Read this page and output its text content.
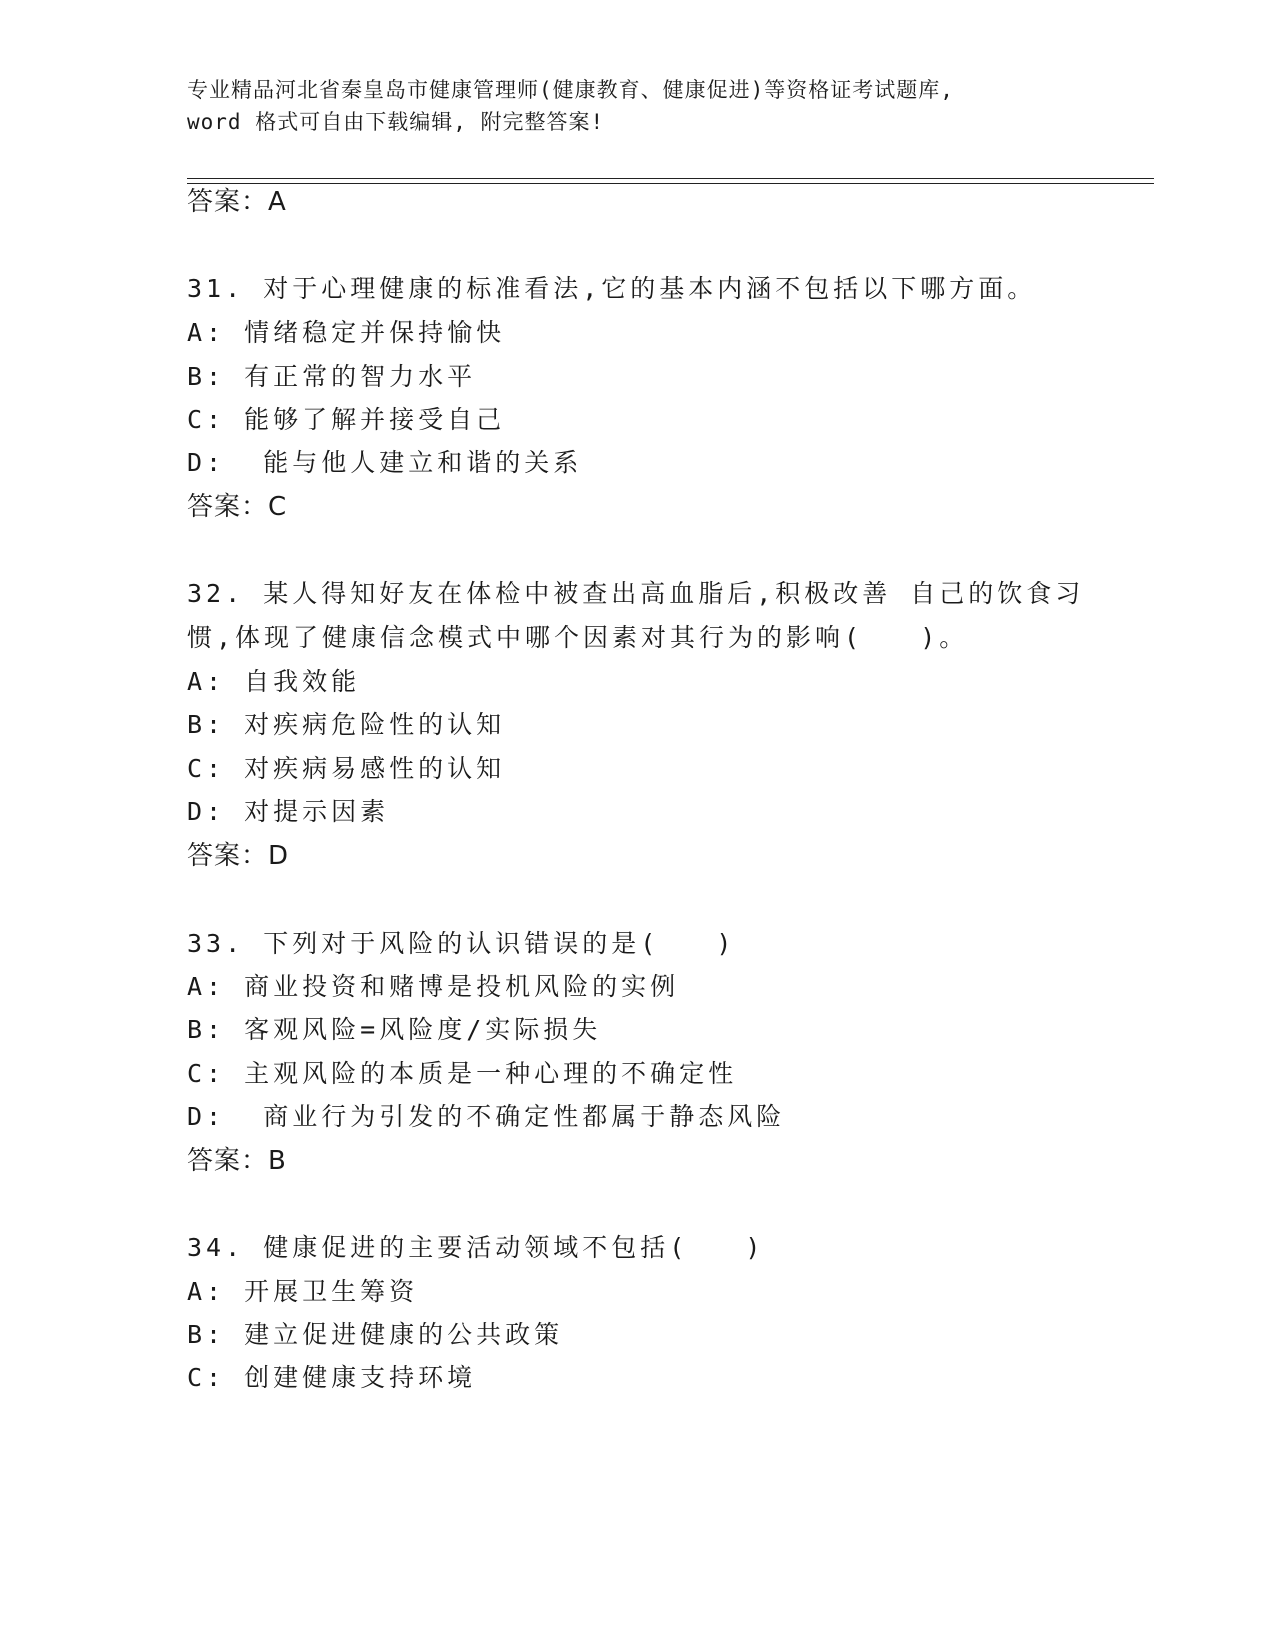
专业精品河北省秦皇岛市健康管理师(健康教育、健康促进)等资格证考试题库,
word 格式可自由下载编辑, 附完整答案!
答案：A
31. 对于心理健康的标准看法,它的基本内涵不包括以下哪方面。
A: 情绪稳定并保持愉快
B: 有正常的智力水平
C: 能够了解并接受自己
D:  能与他人建立和谐的关系
答案：C
32. 某人得知好友在体检中被查出高血脂后,积极改善 自己的饮食习
惯,体现了健康信念模式中哪个因素对其行为的影响(   )。
A: 自我效能
B: 对疾病危险性的认知
C: 对疾病易感性的认知
D: 对提示因素
答案：D
33. 下列对于风险的认识错误的是(   )
A: 商业投资和赌博是投机风险的实例
B: 客观风险=风险度/实际损失
C: 主观风险的本质是一种心理的不确定性
D:  商业行为引发的不确定性都属于静态风险
答案：B
34. 健康促进的主要活动领域不包括(   )
A: 开展卫生筹资
B: 建立促进健康的公共政策
C: 创建健康支持环境
